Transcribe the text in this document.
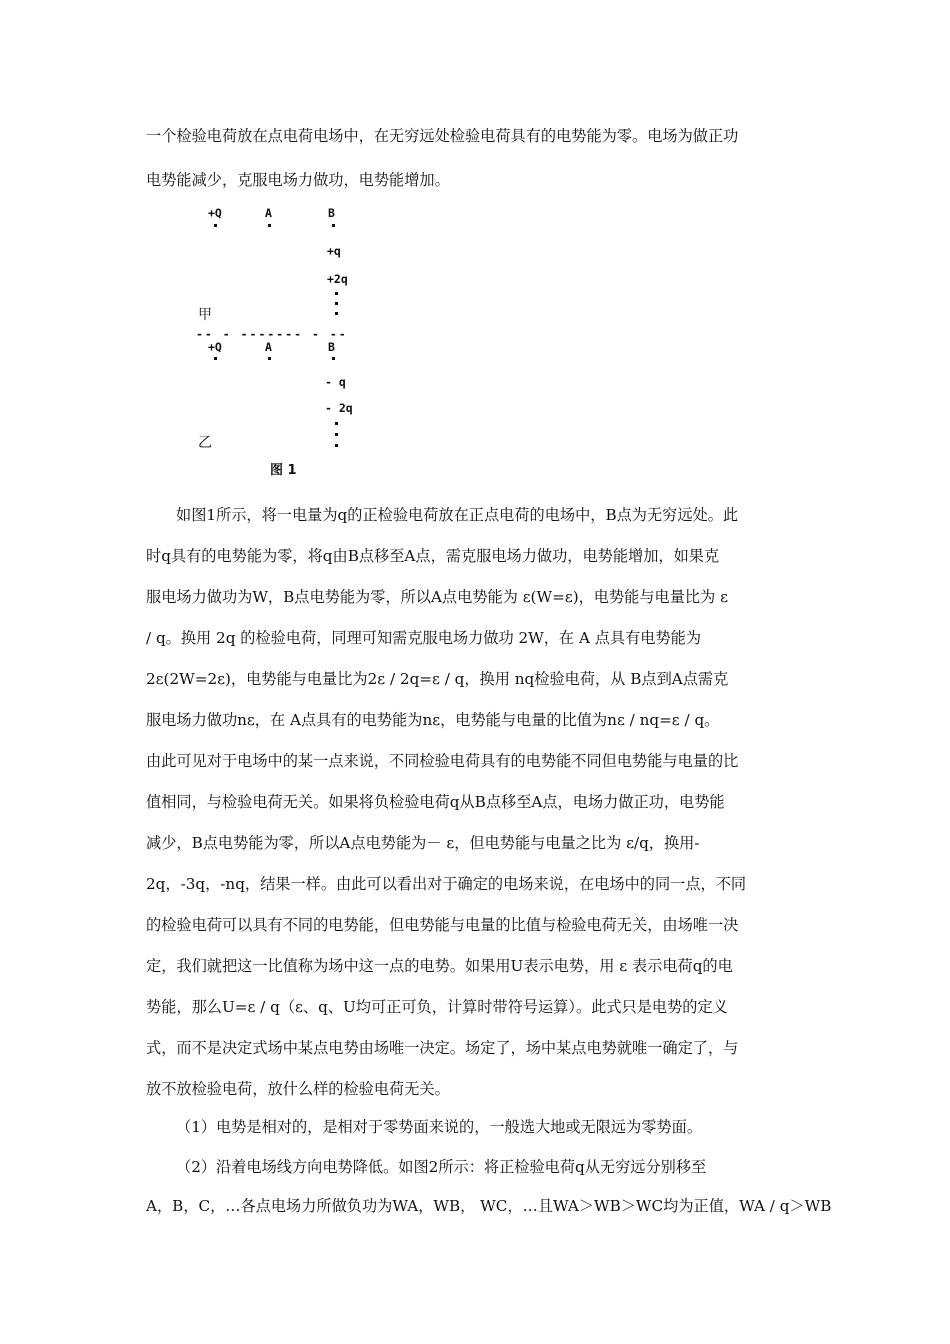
一个检验电荷放在点电荷电场中，在无穷远处检验电荷具有的电势能为零。电场为做正功
电势能减少，克服电场力做功，电势能增加。
+Q	A	B
+q
+2q
甲
-- - ------- - --
+Q	A	B
- q
- 2q
乙
图 1
如图1所示，将一电量为q的正检验电荷放在正点电荷的电场中，B点为无穷远处。此
时q具有的电势能为零，将q由B点移至A点，需克服电场力做功，电势能增加，如果克
服电场力做功为W，B点电势能为零，所以A点电势能为 ε(W=ε)，电势能与电量比为 ε
/ q。换用 2q 的检验电荷，同理可知需克服电场力做功 2W，在 A 点具有电势能为
2ε(2W=2ε)，电势能与电量比为2ε / 2q=ε / q，换用 nq检验电荷，从 B点到A点需克
服电场力做功nε，在 A点具有的电势能为nε，电势能与电量的比值为nε / nq=ε / q。
由此可见对于电场中的某一点来说，不同检验电荷具有的电势能不同但电势能与电量的比
值相同，与检验电荷无关。如果将负检验电荷q从B点移至A点，电场力做正功，电势能
减少，B点电势能为零，所以A点电势能为－ ε，但电势能与电量之比为 ε/q，换用-
2q，-3q，-nq，结果一样。由此可以看出对于确定的电场来说，在电场中的同一点，不同
的检验电荷可以具有不同的电势能，但电势能与电量的比值与检验电荷无关，由场唯一决
定，我们就把这一比值称为场中这一点的电势。如果用U表示电势，用 ε 表示电荷q的电
势能，那么U=ε / q（ε、q、U均可正可负，计算时带符号运算）。此式只是电势的定义
式，而不是决定式场中某点电势由场唯一决定。场定了，场中某点电势就唯一确定了，与
放不放检验电荷，放什么样的检验电荷无关。
（1）电势是相对的，是相对于零势面来说的，一般选大地或无限远为零势面。
（2）沿着电场线方向电势降低。如图2所示：将正检验电荷q从无穷远分别移至
A，B，C，…各点电场力所做负功为WA，WB， WC，…且WA＞WB＞WC均为正值，WA / q＞WB
